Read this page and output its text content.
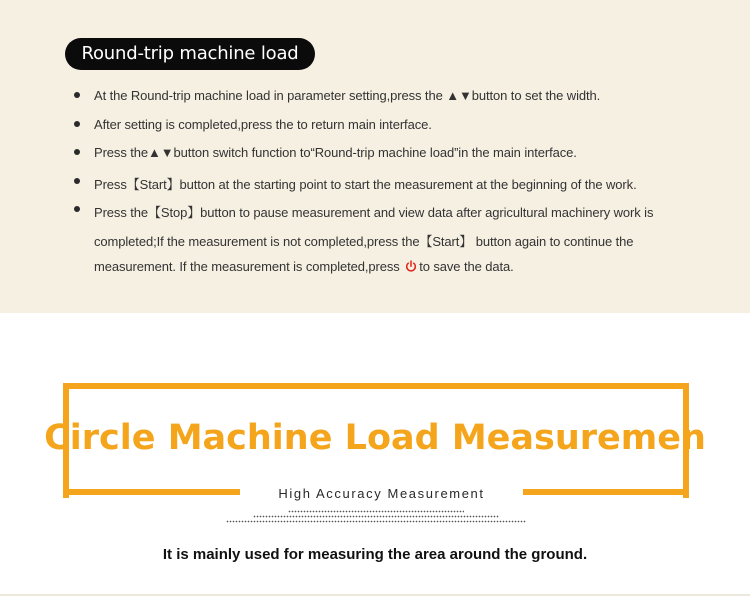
Round-trip machine load
At the Round-trip machine load in parameter setting,press the ▲▼button to set the width.
After setting is completed,press the to return main interface.
Press the▲▼button switch function to“Round-trip machine load”in the main interface.
Press【Start】button at the starting point to start the measurement at the beginning of the work.
Press the【Stop】button to pause measurement and view data after agricultural machinery work is
completed;If the measurement is not completed,press the【Start】 button again to continue the
measurement. If the measurement is completed,press to save the data.
Circle Machine Load Measuremen
High Accuracy Measurement
It is mainly used for measuring the area around the ground.
